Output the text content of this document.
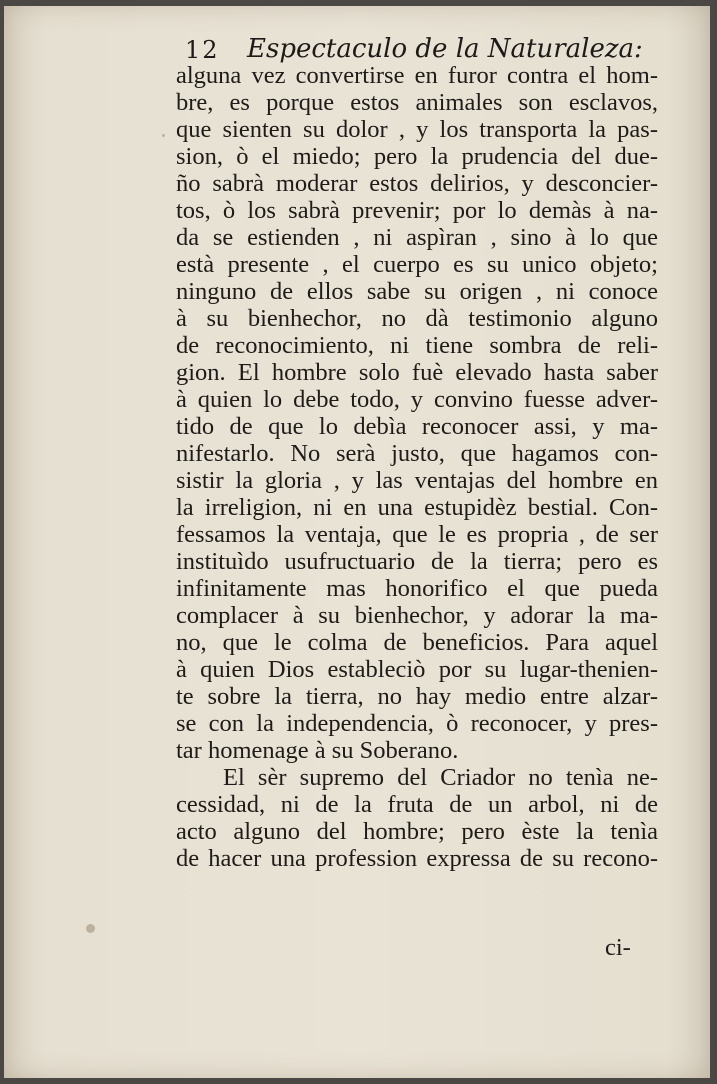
12 Espectaculo de la Naturaleza:
alguna vez convertirse en furor contra el hom-
bre, es porque estos animales son esclavos,
que sienten su dolor , y los transporta la pas-
sion, ò el miedo; pero la prudencia del due-
ño sabrà moderar estos delirios, y desconcier-
tos, ò los sabrà prevenir; por lo demàs à na-
da se estienden , ni aspìran , sino à lo que
està presente , el cuerpo es su unico objeto;
ninguno de ellos sabe su origen , ni conoce
à su bienhechor, no dà testimonio alguno
de reconocimiento, ni tiene sombra de reli-
gion. El hombre solo fuè elevado hasta saber
à quien lo debe todo, y convino fuesse adver-
tido de que lo debìa reconocer assi, y ma-
nifestarlo. No serà justo, que hagamos con-
sistir la gloria , y las ventajas del hombre en
la irreligion, ni en una estupidèz bestial. Con-
fessamos la ventaja, que le es propria , de ser
instituìdo usufructuario de la tierra; pero es
infinitamente mas honorifico el que pueda
complacer à su bienhechor, y adorar la ma-
no, que le colma de beneficios. Para aquel
à quien Dios estableciò por su lugar-thenien-
te sobre la tierra, no hay medio entre alzar-
se con la independencia, ò reconocer, y pres-
tar homenage à su Soberano.
El sèr supremo del Criador no tenìa ne-
cessidad, ni de la fruta de un arbol, ni de
acto alguno del hombre; pero èste la tenìa
de hacer una profession expressa de su recono-
ci-
